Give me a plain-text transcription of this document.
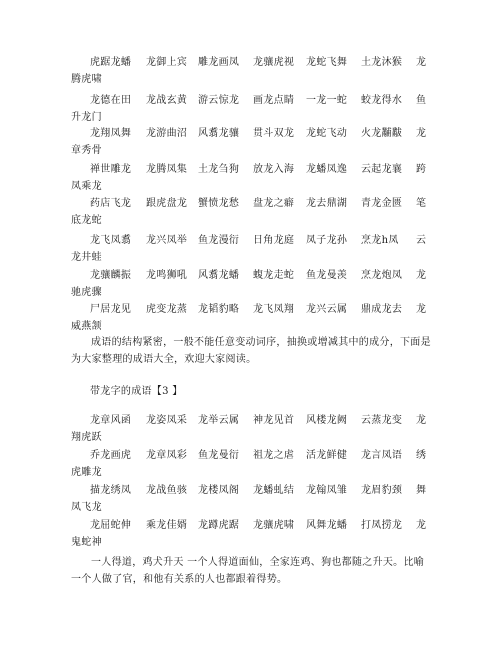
虎踞龙蟠 龙御上宾 雕龙画凤 龙骧虎视 龙蛇飞舞 土龙沐猴 龙
腾虎啸
龙德在田 龙战玄黄 游云惊龙 画龙点睛 一龙一蛇 蛟龙得水 鱼
升龙门
龙翔凤舞 龙游曲沼 风翥龙骧 贯斗双龙 龙蛇飞动 火龙黼黻 龙
章秀骨
禅世雕龙 龙腾凤集 土龙刍狗 放龙入海 龙蟠凤逸 云起龙襄 跨
凤乘龙
药店飞龙 跟虎盘龙 蟹愤龙愁 盘龙之癖 龙去鼎湖 青龙金匮 笔
底龙蛇
龙飞凤翥 龙兴凤举 鱼龙漫衍 日角龙庭 凤子龙孙 烹龙h凤 云
龙井蛙
龙骧麟振 龙鸣狮吼 风翥龙蟠 蝮龙走蛇 鱼龙曼羡 烹龙炮凤 龙
驰虎骤
尸居龙见 虎变龙蒸 龙韬豹略 龙飞凤翔 龙兴云属 鼎成龙去 龙
威燕颔
成语的结构紧密，一般不能任意变动词序，抽换或增减其中的成分，下面是为大家整理的成语大全，欢迎大家阅读。
带龙字的成语【3 】
龙章风函 龙姿凤采 龙举云属 神龙见首 风楼龙阙 云蒸龙变 龙
翔虎跃
乔龙画虎 龙章凤彩 鱼龙曼衍 祖龙之虐 活龙鲜健 龙言凤语 绣
虎雕龙
描龙绣凤 龙战鱼骇 龙楼凤阁 龙蟠虬结 龙翰凤雏 龙眉豹颈 舞
凤飞龙
龙屈蛇伸 乘龙佳婿 龙蹲虎踞 龙骧虎啸 风舞龙蟠 打凤捞龙 龙
鬼蛇神
一人得道，鸡犬升天 一个人得道面仙，全家连鸡、狗也都随之升天。比喻一个人做了官，和他有关系的人也都跟着得势。
